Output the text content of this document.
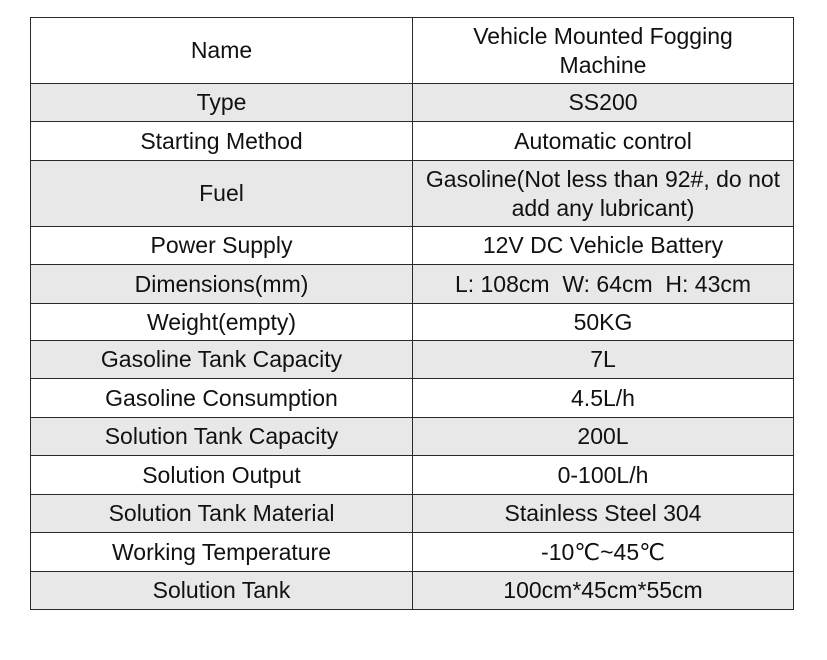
Name	Vehicle Mounted Fogging Machine
Type	SS200
Starting Method	Automatic control
Fuel	Gasoline(Not less than 92#, do not add any lubricant)
Power Supply	12V DC Vehicle Battery
Dimensions(mm)	L: 108cm  W: 64cm  H: 43cm
Weight(empty)	50KG
Gasoline Tank Capacity	7L
Gasoline Consumption	4.5L/h
Solution Tank Capacity	200L
Solution Output	0-100L/h
Solution Tank Material	Stainless Steel 304
Working Temperature	-10℃~45℃
Solution Tank	100cm*45cm*55cm
